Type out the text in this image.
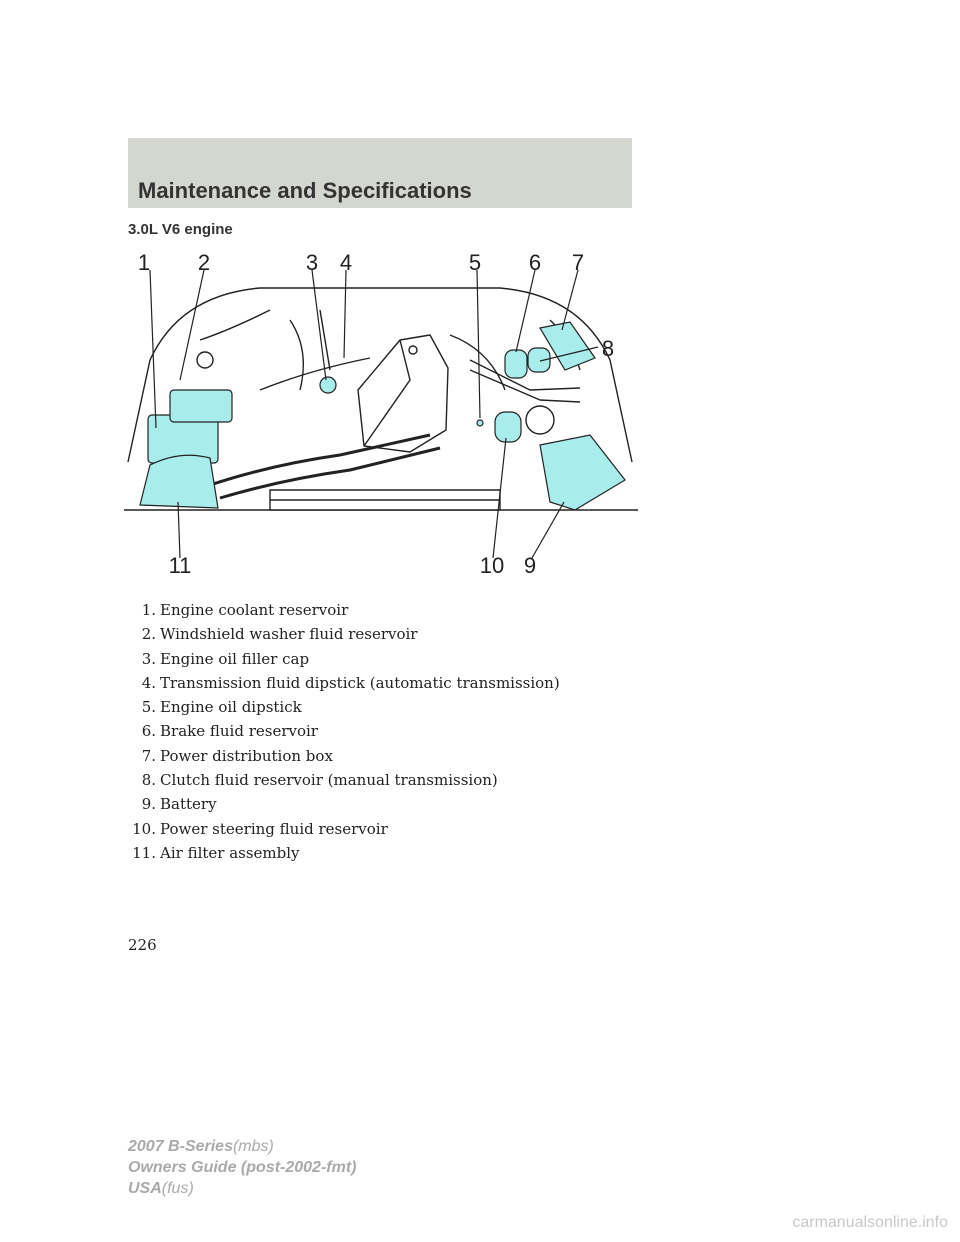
Maintenance and Specifications
3.0L V6 engine
1 2	3 4	5 6 7
8
9
10
11
1. Engine coolant reservoir
2. Windshield washer fluid reservoir
3. Engine oil filler cap
4. Transmission fluid dipstick (automatic transmission)
5. Engine oil dipstick
6. Brake fluid reservoir
7. Power distribution box
8. Clutch fluid reservoir (manual transmission)
9. Battery
10. Power steering fluid reservoir
11. Air filter assembly
226
2007 B-Series(mbs)
Owners Guide (post-2002-fmt)
USA(fus)
carmanualsonline.info
